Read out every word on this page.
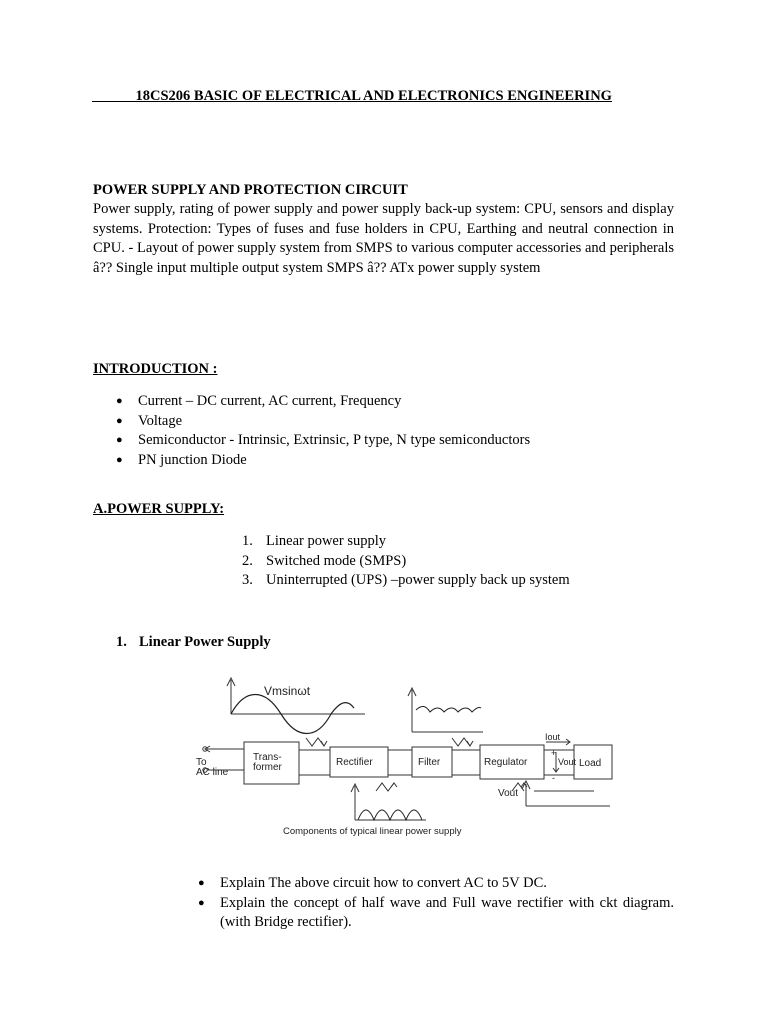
18CS206 BASIC OF ELECTRICAL AND ELECTRONICS ENGINEERING
POWER SUPPLY AND PROTECTION CIRCUIT

Power supply, rating of power supply and power supply back-up system: CPU, sensors and display systems. Protection: Types of fuses and fuse holders in CPU, Earthing and neutral connection in CPU. - Layout of power supply system from SMPS to various computer accessories and peripherals â?? Single input multiple output system SMPS â?? ATx power supply system

INTRODUCTION :
● Current – DC current, AC current, Frequency
● Voltage
● Semiconductor - Intrinsic, Extrinsic, P type, N type semiconductors
● PN junction Diode
A.POWER SUPPLY:
1. Linear power supply
2. Switched mode (SMPS)
3. Uninterrupted (UPS) –power supply back up system
1. Linear Power Supply
Vmsinωt
To
AC line
Trans-
former	Rectifier	Filter	Regulator	Load
Iout
+
Vout
-
Vout
Components of typical linear power supply
● Explain The above circuit how to convert AC to 5V DC.
● Explain the concept of half wave and Full wave rectifier with ckt diagram.(with Bridge rectifier).
